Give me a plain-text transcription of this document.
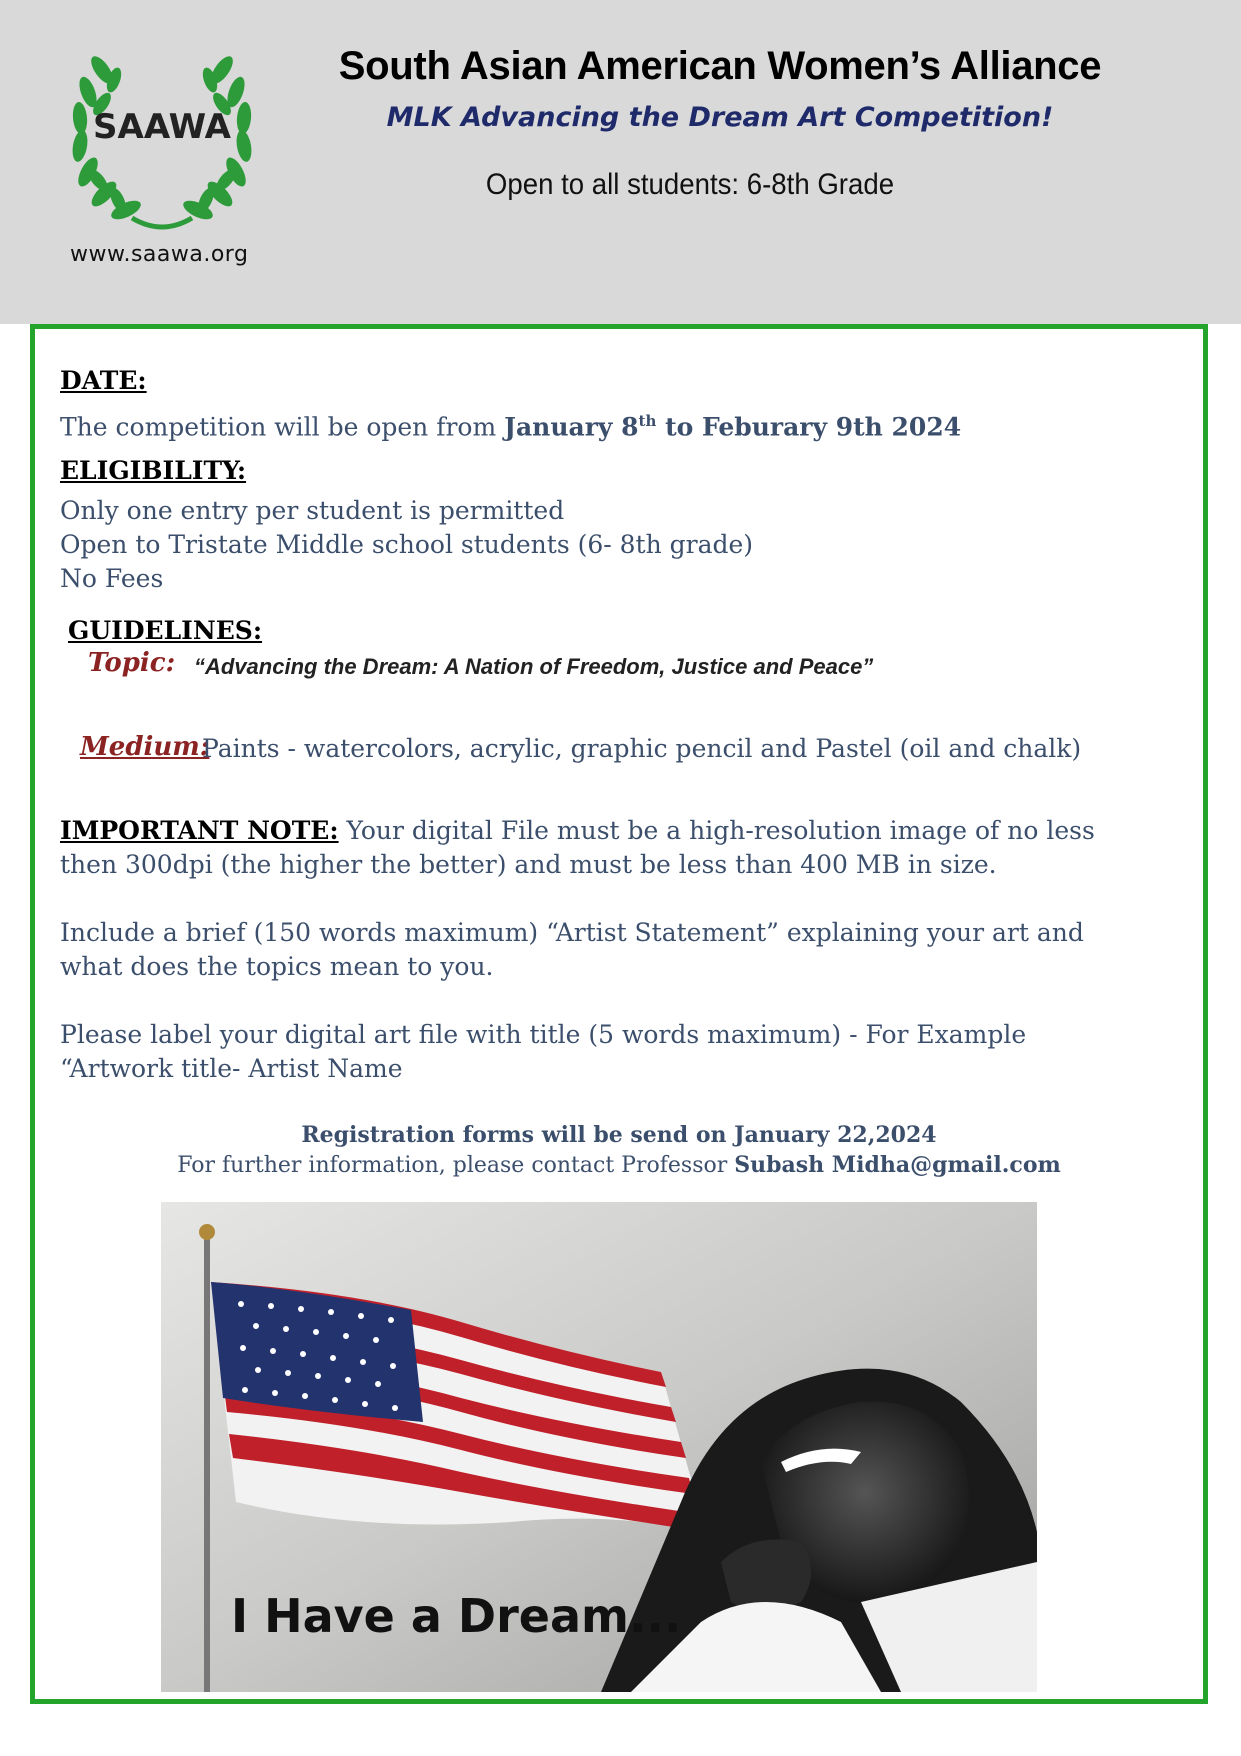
SAAWA
www.saawa.org
South Asian American Women’s Alliance
MLK Advancing the Dream Art Competition!
Open to all students: 6-8th Grade
DATE:
The competition will be open from January 8th to Feburary 9th 2024
ELIGIBILITY:
Only one entry per student is permitted
Open to Tristate Middle school students (6- 8th grade)
No Fees
GUIDELINES:
Topic: “Advancing the Dream: A Nation of Freedom, Justice and Peace”
Medium:
Paints - watercolors, acrylic, graphic pencil and Pastel (oil and chalk)
IMPORTANT NOTE: Your digital File must be a high-resolution image of no less
then 300dpi (the higher the better) and must be less than 400 MB in size.
Include a brief (150 words maximum) “Artist Statement” explaining your art and
what does the topics mean to you.
Please label your digital art file with title (5 words maximum) - For Example
“Artwork title- Artist Name
Registration forms will be send on January 22,2024
For further information, please contact Professor Subash Midha@gmail.com
I Have a Dream...
